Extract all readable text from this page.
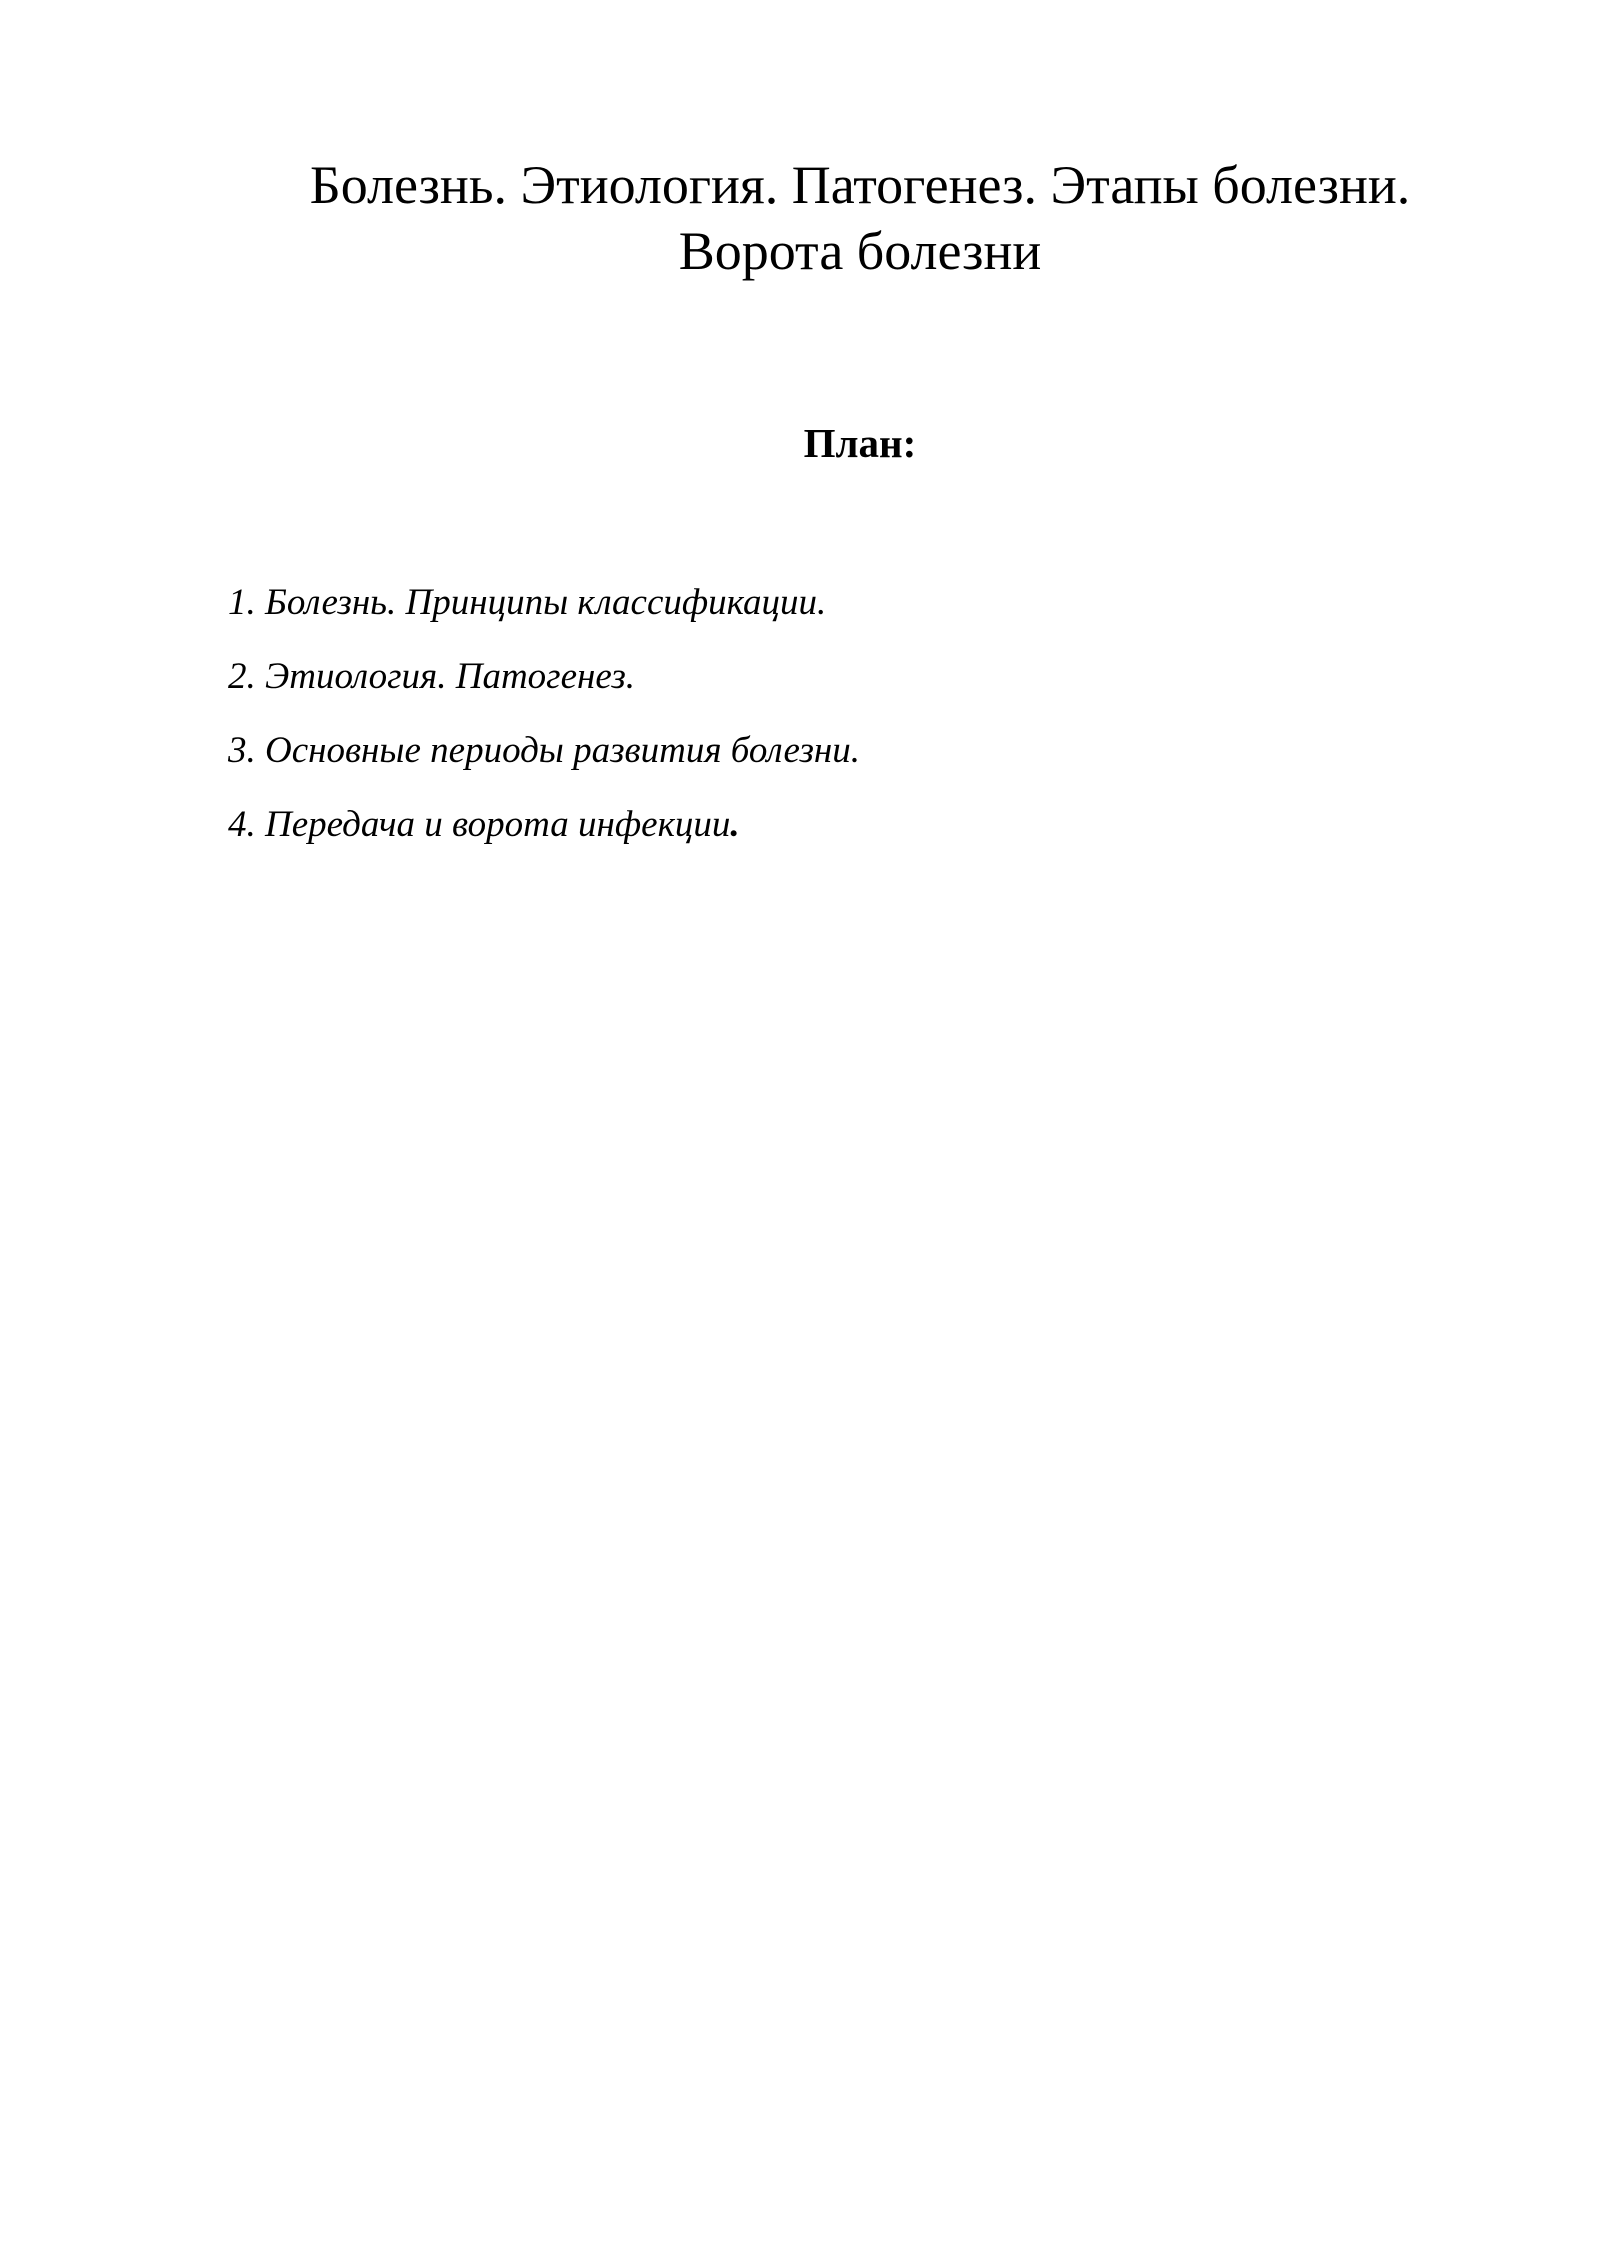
Болезнь. Этиология. Патогенез. Этапы болезни.
Ворота болезни
План:
1. Болезнь. Принципы классификации.
2. Этиология. Патогенез.
3. Основные периоды развития болезни.
4. Передача и ворота инфекции.
